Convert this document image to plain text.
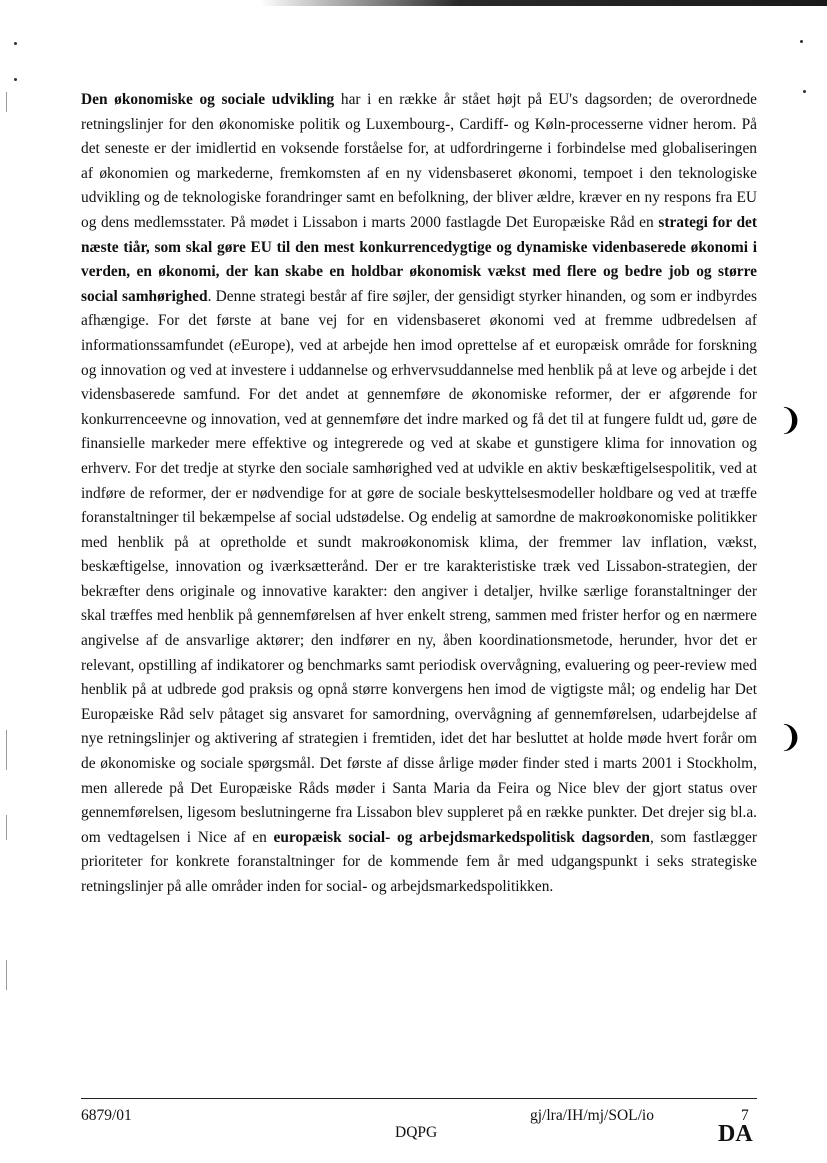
Den økonomiske og sociale udvikling har i en række år stået højt på EU's dagsorden; de overordnede retningslinjer for den økonomiske politik og Luxembourg-, Cardiff- og Køln-processerne vidner herom. På det seneste er der imidlertid en voksende forståelse for, at udfordringerne i forbindelse med globaliseringen af økonomien og markederne, fremkomsten af en ny vidensbaseret økonomi, tempoet i den teknologiske udvikling og de teknologiske forandringer samt en befolkning, der bliver ældre, kræver en ny respons fra EU og dens medlemsstater. På mødet i Lissabon i marts 2000 fastlagde Det Europæiske Råd en strategi for det næste tiår, som skal gøre EU til den mest konkurrencedygtige og dynamiske videnbaserede økonomi i verden, en økonomi, der kan skabe en holdbar økonomisk vækst med flere og bedre job og større social samhørighed. Denne strategi består af fire søjler, der gensidigt styrker hinanden, og som er indbyrdes afhængige. For det første at bane vej for en vidensbaseret økonomi ved at fremme udbredelsen af informationssamfundet (eEurope), ved at arbejde hen imod oprettelse af et europæisk område for forskning og innovation og ved at investere i uddannelse og erhvervsuddannelse med henblik på at leve og arbejde i det vidensbaserede samfund. For det andet at gennemføre de økonomiske reformer, der er afgørende for konkurrenceevne og innovation, ved at gennemføre det indre marked og få det til at fungere fuldt ud, gøre de finansielle markeder mere effektive og integrerede og ved at skabe et gunstigere klima for innovation og erhverv. For det tredje at styrke den sociale samhørighed ved at udvikle en aktiv beskæftigelsespolitik, ved at indføre de reformer, der er nødvendige for at gøre de sociale beskyttelsesmodeller holdbare og ved at træffe foranstaltninger til bekæmpelse af social udstødelse. Og endelig at samordne de makroøkonomiske politikker med henblik på at opretholde et sundt makroøkonomisk klima, der fremmer lav inflation, vækst, beskæftigelse, innovation og iværksætterånd. Der er tre karakteristiske træk ved Lissabon-strategien, der bekræfter dens originale og innovative karakter: den angiver i detaljer, hvilke særlige foranstaltninger der skal træffes med henblik på gennemførelsen af hver enkelt streng, sammen med frister herfor og en nærmere angivelse af de ansvarlige aktører; den indfører en ny, åben koordinationsmetode, herunder, hvor det er relevant, opstilling af indikatorer og benchmarks samt periodisk overvågning, evaluering og peer-review med henblik på at udbrede god praksis og opnå større konvergens hen imod de vigtigste mål; og endelig har Det Europæiske Råd selv påtaget sig ansvaret for samordning, overvågning af gennemførelsen, udarbejdelse af nye retningslinjer og aktivering af strategien i fremtiden, idet det har besluttet at holde møde hvert forår om de økonomiske og sociale spørgsmål. Det første af disse årlige møder finder sted i marts 2001 i Stockholm, men allerede på Det Europæiske Råds møder i Santa Maria da Feira og Nice blev der gjort status over gennemførelsen, ligesom beslutningerne fra Lissabon blev suppleret på en række punkter. Det drejer sig bl.a. om vedtagelsen i Nice af en europæisk social- og arbejdsmarkedspolitisk dagsorden, som fastlægger prioriteter for konkrete foranstaltninger for de kommende fem år med udgangspunkt i seks strategiske retningslinjer på alle områder inden for social- og arbejdsmarkedspolitikken.
❩
❩
6879/01	gj/lra/IH/mj/SOL/io	7
DQPG	DA
